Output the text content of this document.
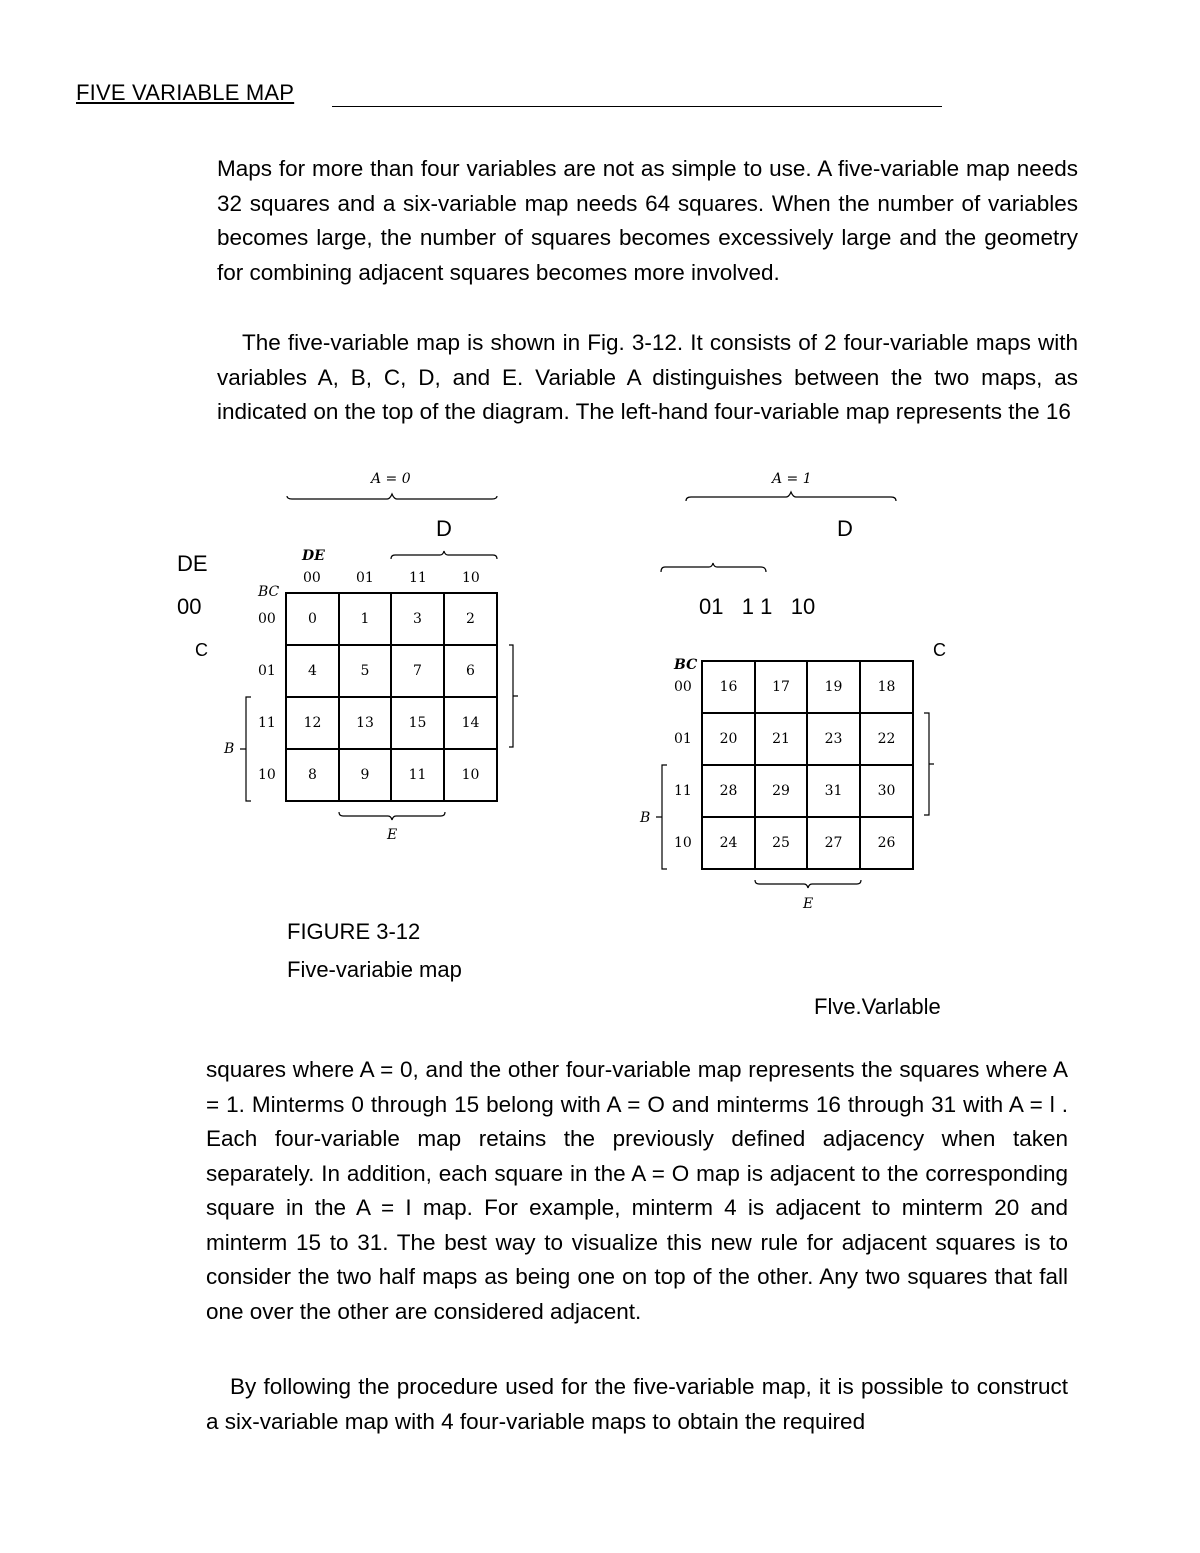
FIVE VARIABLE MAP

Maps for more than four variables are not as simple to use. A five-variable map needs 32 squares and a six-variable map needs 64 squares. When the number of variables becomes large, the number of squares becomes excessively large and the geometry for combining adjacent squares becomes more involved.

The five-variable map is shown in Fig. 3-12. It consists of 2 four-variable maps with variables A, B, C, D, and E. Variable A distinguishes between the two maps, as indicated on the top of the diagram. The left-hand four-variable map represents the 16

DE
00
C
D	D
01   1 1   10
C
A = 0
DE
BC
00	01	11	10
00
01
11
10
0	1	3	2
4	5	7	6
12	13	15	14
8	9	11	10
B
E
A = 1
BC
00
01
11
10
16	17	19	18
20	21	23	22
28	29	31	30
24	25	27	26
B
E
FIGURE 3-12
Five-variabie map
Flve.Varlable

squares where A = 0, and the other four-variable map represents the squares where A = 1. Minterms 0 through 15 belong with A = O and minterms 16 through 31 with A = l . Each four-variable map retains the previously defined adjacency when taken separately. In addition, each square in the A = O map is adjacent to the corresponding square in the A = I map. For example, minterm 4 is adjacent to minterm 20 and minterm 15 to 31. The best way to visualize this new rule for adjacent squares is to consider the two half maps as being one on top of the other. Any two squares that fall one over the other are considered adjacent.

By following the procedure used for the five-variable map, it is possible to construct a six-variable map with 4 four-variable maps to obtain the required
